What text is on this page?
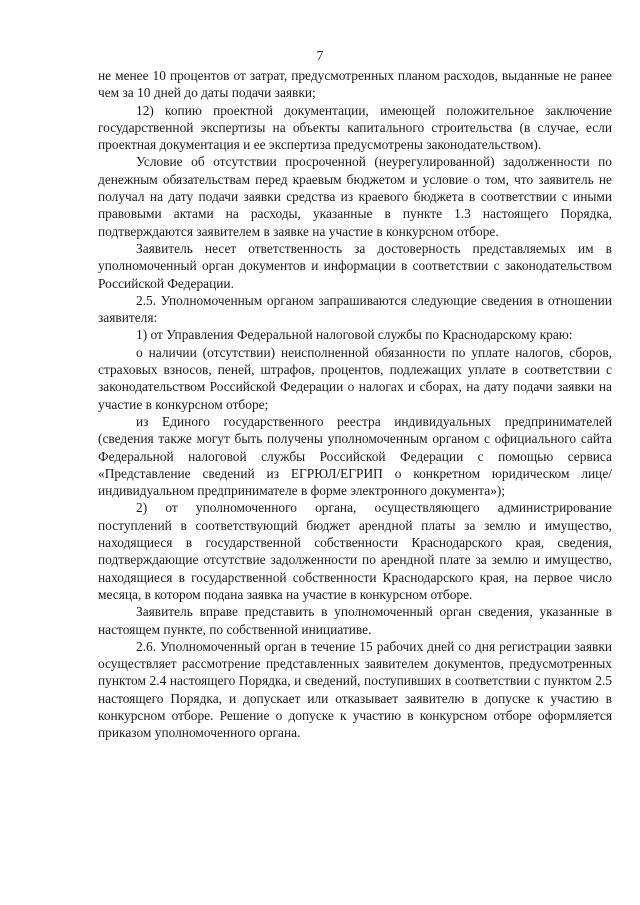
7

не менее 10 процентов от затрат, предусмотренных планом расходов, выданные не ранее чем за 10 дней до даты подачи заявки;

12) копию проектной документации, имеющей положительное заключение государственной экспертизы на объекты капитального строительства (в случае, если проектная документация и ее экспертиза предусмотрены законодательством).

Условие об отсутствии просроченной (неурегулированной) задолженности по денежным обязательствам перед краевым бюджетом и условие о том, что заявитель не получал на дату подачи заявки средства из краевого бюджета в соответствии с иными правовыми актами на расходы, указанные в пункте 1.3 настоящего Порядка, подтверждаются заявителем в заявке на участие в конкурсном отборе.

Заявитель несет ответственность за достоверность представляемых им в уполномоченный орган документов и информации в соответствии с законодательством Российской Федерации.

2.5. Уполномоченным органом запрашиваются следующие сведения в отношении заявителя:

1) от Управления Федеральной налоговой службы по Краснодарскому краю:

о наличии (отсутствии) неисполненной обязанности по уплате налогов, сборов, страховых взносов, пеней, штрафов, процентов, подлежащих уплате в соответствии с законодательством Российской Федерации о налогах и сборах, на дату подачи заявки на участие в конкурсном отборе;

из Единого государственного реестра индивидуальных предпринимателей (сведения также могут быть получены уполномоченным органом с официального сайта Федеральной налоговой службы Российской Федерации с помощью сервиса «Представление сведений из ЕГРЮЛ/ЕГРИП о конкретном юридическом лице/индивидуальном предпринимателе в форме электронного документа»);

2) от уполномоченного органа, осуществляющего администрирование поступлений в соответствующий бюджет арендной платы за землю и имущество, находящиеся в государственной собственности Краснодарского края, сведения, подтверждающие отсутствие задолженности по арендной плате за землю и имущество, находящиеся в государственной собственности Краснодарского края, на первое число месяца, в котором подана заявка на участие в конкурсном отборе.

Заявитель вправе представить в уполномоченный орган сведения, указанные в настоящем пункте, по собственной инициативе.

2.6. Уполномоченный орган в течение 15 рабочих дней со дня регистрации заявки осуществляет рассмотрение представленных заявителем документов, предусмотренных пунктом 2.4 настоящего Порядка, и сведений, поступивших в соответствии с пунктом 2.5 настоящего Порядка, и допускает или отказывает заявителю в допуске к участию в конкурсном отборе. Решение о допуске к участию в конкурсном отборе оформляется приказом уполномоченного органа.
